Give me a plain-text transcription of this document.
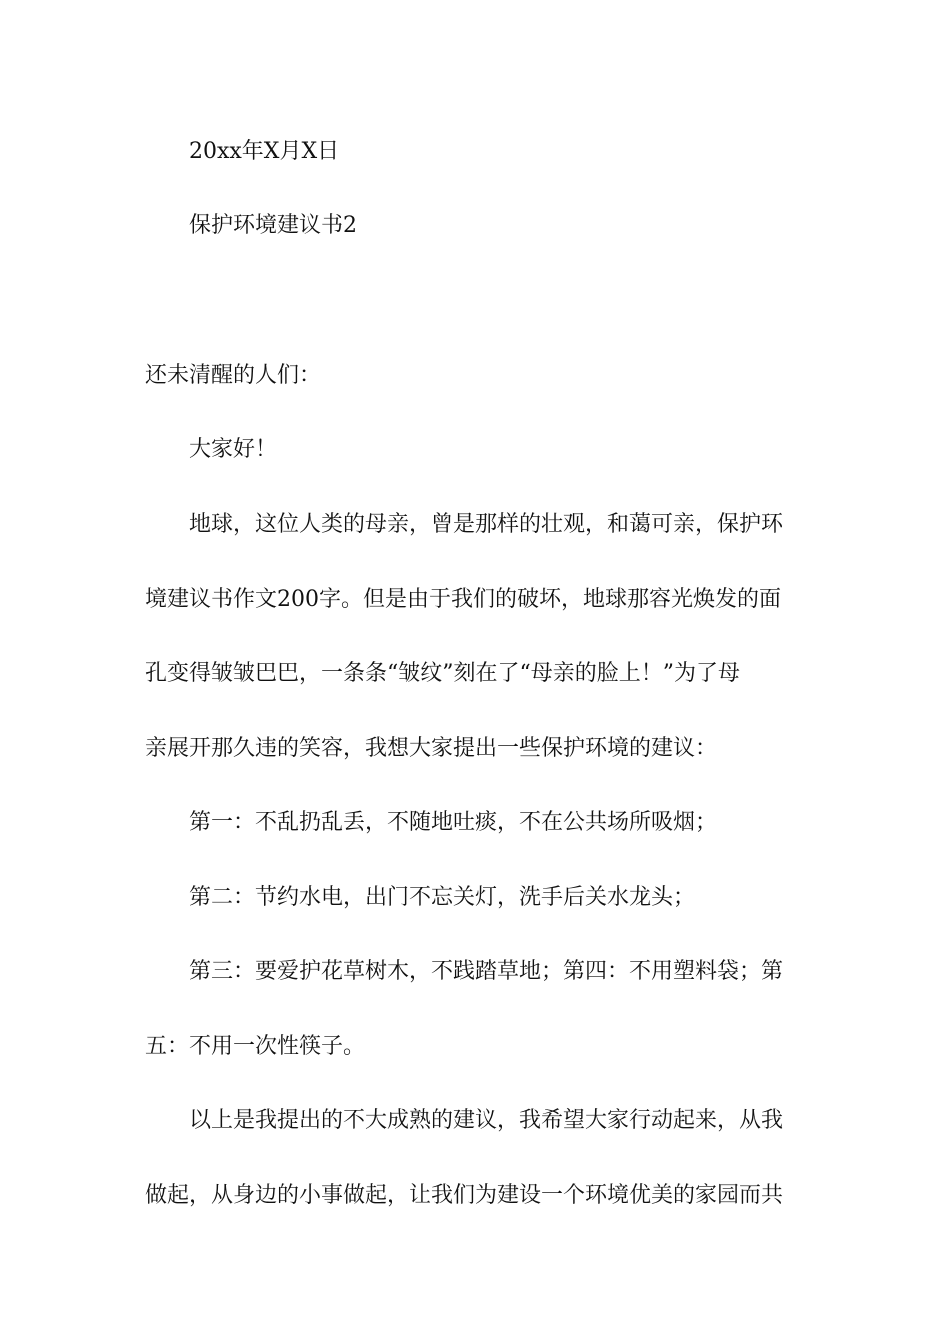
20xx年X月X日
保护环境建议书2
还未清醒的人们：
大家好！
地球，这位人类的母亲，曾是那样的壮观，和蔼可亲，保护环
境建议书作文200字。但是由于我们的破坏，地球那容光焕发的面
孔变得皱皱巴巴，一条条“皱纹”刻在了“母亲的脸上！”为了母
亲展开那久违的笑容，我想大家提出一些保护环境的建议：
第一：不乱扔乱丢，不随地吐痰，不在公共场所吸烟；
第二：节约水电，出门不忘关灯，洗手后关水龙头；
第三：要爱护花草树木，不践踏草地；第四：不用塑料袋；第
五：不用一次性筷子。
以上是我提出的不大成熟的建议，我希望大家行动起来，从我
做起，从身边的小事做起，让我们为建设一个环境优美的家园而共
